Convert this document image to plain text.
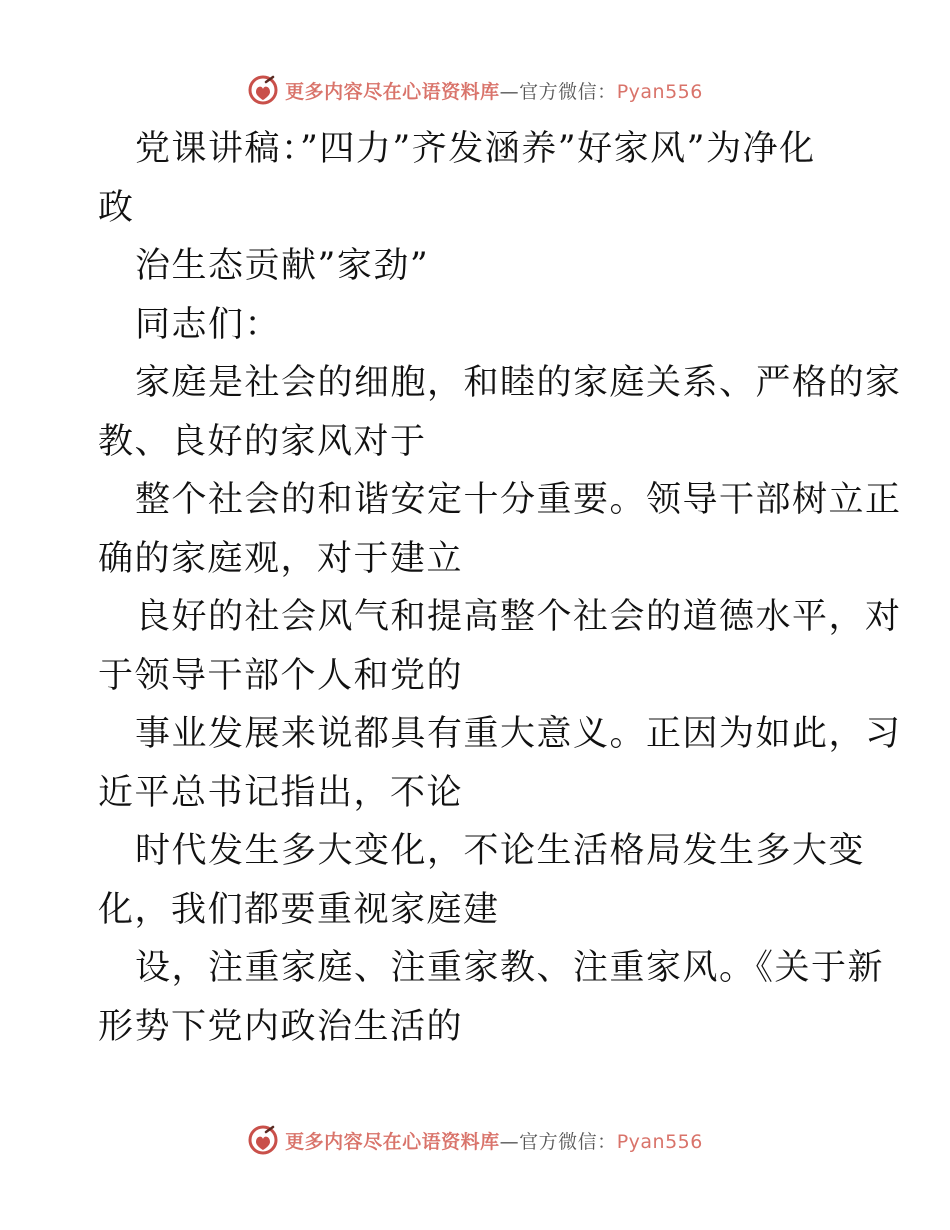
更多内容尽在心语资料库—官方微信：Pyan556
党课讲稿：”四力”齐发涵养”好家风”为净化
政
治生态贡献”家劲”
同志们：
家庭是社会的细胞，和睦的家庭关系、严格的家
教、良好的家风对于
整个社会的和谐安定十分重要。领导干部树立正
确的家庭观，对于建立
良好的社会风气和提高整个社会的道德水平，对
于领导干部个人和党的
事业发展来说都具有重大意义。正因为如此，习
近平总书记指出，不论
时代发生多大变化，不论生活格局发生多大变
化，我们都要重视家庭建
设，注重家庭、注重家教、注重家风。《关于新
形势下党内政治生活的
更多内容尽在心语资料库—官方微信：Pyan556
